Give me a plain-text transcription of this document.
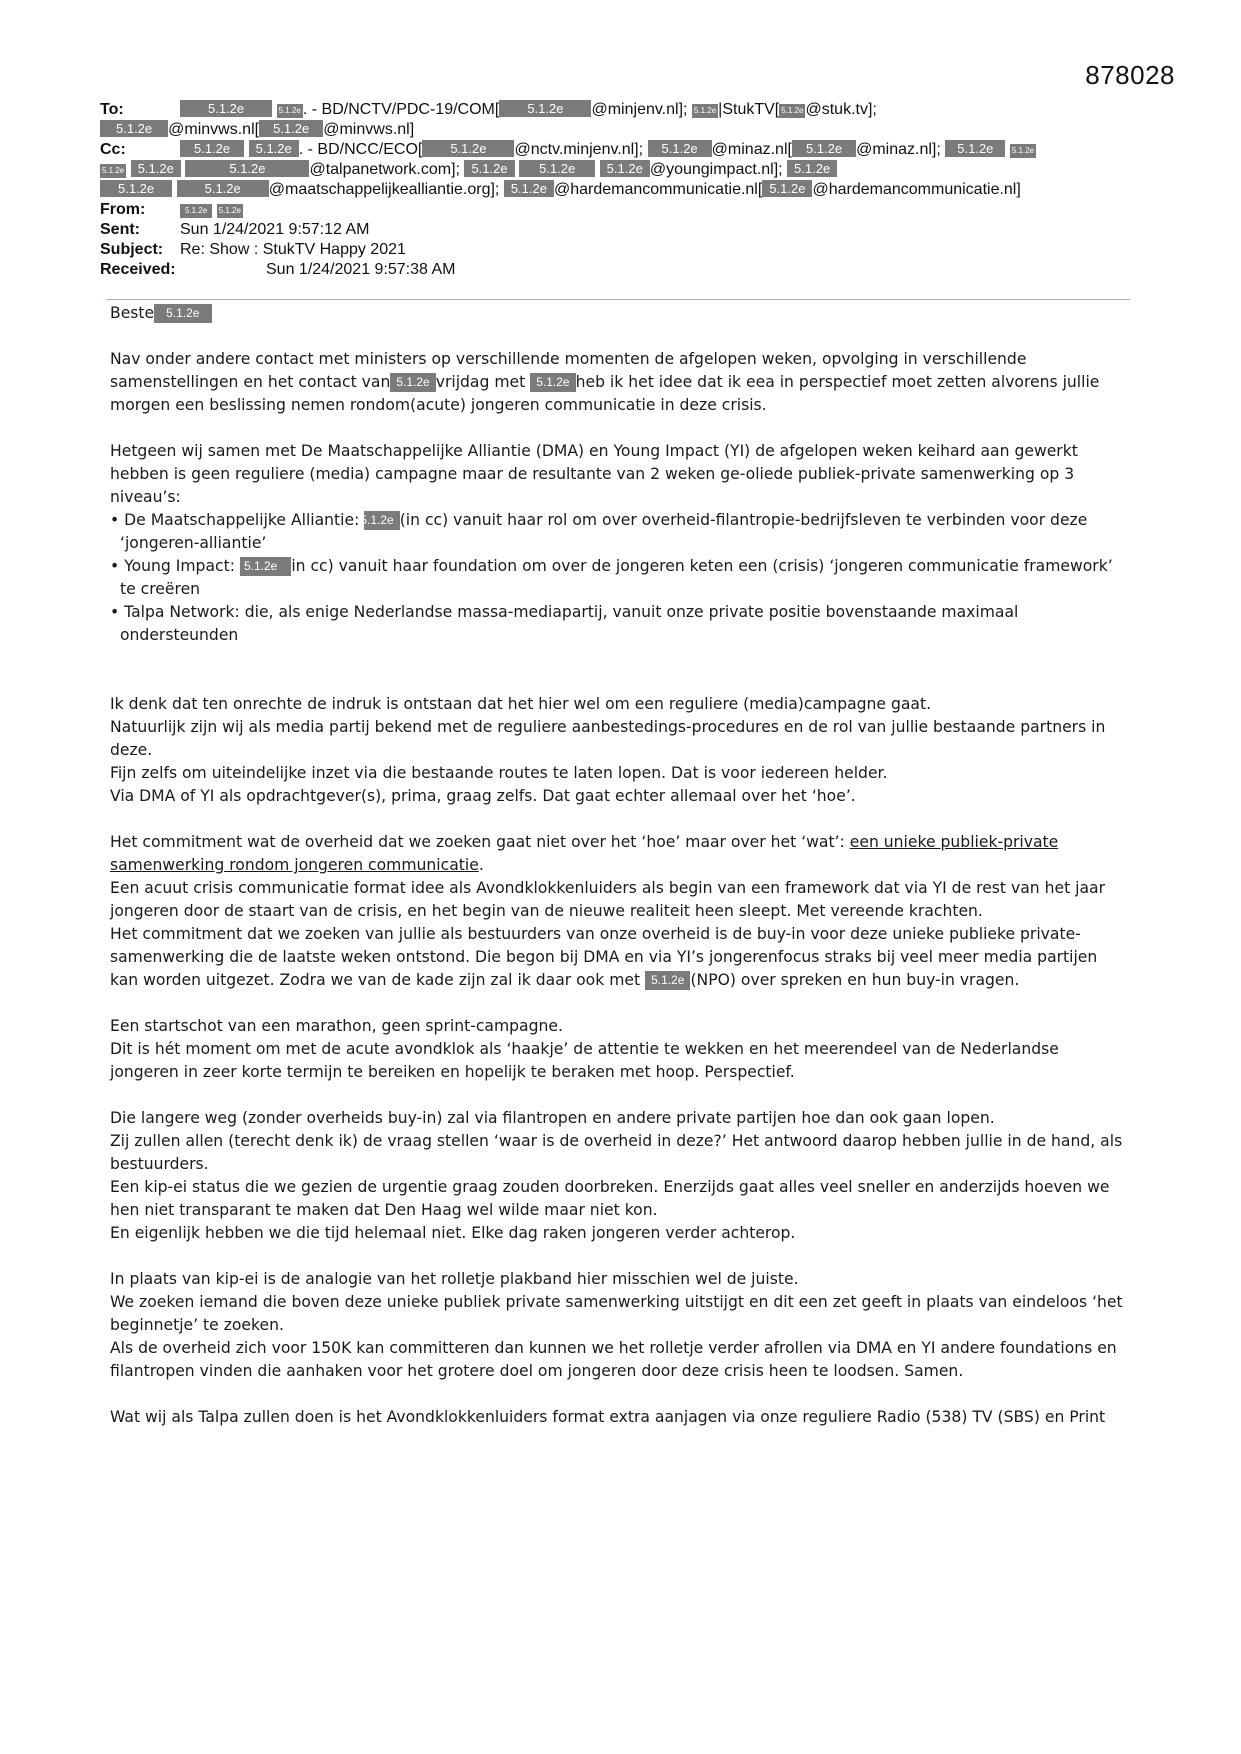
878028
To:	5.1.2e	5.1.2e . - BD/NCTV/PDC-19/COM[ 5.1.2e @minjenv.nl]; 5.1.2e |StukTV[ 5.1.2e @stuk.tv];
5.1.2e @minvws.nl[ 5.1.2e @minvws.nl]
Cc:	5.1.2e 5.1.2e . - BD/NCC/ECO[ 5.1.2e @nctv.minjenv.nl]; 5.1.2e @minaz.nl[ 5.1.2e @minaz.nl]; 5.1.2e 5.1.2e
5.1.2e 5.1.2e	5.1.2e	@talpanetwork.com]; 5.1.2e 5.1.2e 5.1.2e @youngimpact.nl]; 5.1.2e
5.1.2e	5.1.2e @maatschappelijkealliantie.org]; 5.1.2e @hardemancommunicatie.nl[ 5.1.2e @hardemancommunicatie.nl]
From:	5.1.2e 5.1.2e
Sent:	Sun 1/24/2021 9:57:12 AM
Subject: Re: Show : StukTV Happy 2021
Received:	Sun 1/24/2021 9:57:38 AM

Beste 5.1.2e

Nav onder andere contact met ministers op verschillende momenten de afgelopen weken, opvolging in verschillende samenstellingen en het contact van 5.1.2e vrijdag met 5.1.2e heb ik het idee dat ik eea in perspectief moet zetten alvorens jullie morgen een beslissing nemen rondom(acute) jongeren communicatie in deze crisis.

Hetgeen wij samen met De Maatschappelijke Alliantie (DMA) en Young Impact (YI) de afgelopen weken keihard aan gewerkt hebben is geen reguliere (media) campagne maar de resultante van 2 weken ge-oliede publiek-private samenwerking op 3 niveau’s:

• De Maatschappelijke Alliantie: 5.1.2e (in cc) vanuit haar rol om over overheid-filantropie-bedrijfsleven te verbinden voor deze ‘jongeren-alliantie’

• Young Impact: 5.1.2e in cc) vanuit haar foundation om over de jongeren keten een (crisis) ‘jongeren communicatie framework’ te creëren

• Talpa Network: die, als enige Nederlandse massa-mediapartij, vanuit onze private positie bovenstaande maximaal ondersteunden

Ik denk dat ten onrechte de indruk is ontstaan dat het hier wel om een reguliere (media)campagne gaat.

Natuurlijk zijn wij als media partij bekend met de reguliere aanbestedings-procedures en de rol van jullie bestaande partners in deze.

Fijn zelfs om uiteindelijke inzet via die bestaande routes te laten lopen. Dat is voor iedereen helder.

Via DMA of YI als opdrachtgever(s), prima, graag zelfs. Dat gaat echter allemaal over het ‘hoe’.

Het commitment wat de overheid dat we zoeken gaat niet over het ‘hoe’ maar over het ‘wat’: een unieke publiek-private samenwerking rondom jongeren communicatie.

Een acuut crisis communicatie format idee als Avondklokkenluiders als begin van een framework dat via YI de rest van het jaar jongeren door de staart van de crisis, en het begin van de nieuwe realiteit heen sleept. Met vereende krachten.

Het commitment dat we zoeken van jullie als bestuurders van onze overheid is de buy-in voor deze unieke publieke private-samenwerking die de laatste weken ontstond. Die begon bij DMA en via YI’s jongerenfocus straks bij veel meer media partijen kan worden uitgezet. Zodra we van de kade zijn zal ik daar ook met 5.1.2e (NPO) over spreken en hun buy-in vragen.

Een startschot van een marathon, geen sprint-campagne.

Dit is hét moment om met de acute avondklok als ‘haakje’ de attentie te wekken en het meerendeel van de Nederlandse jongeren in zeer korte termijn te bereiken en hopelijk te beraken met hoop. Perspectief.

Die langere weg (zonder overheids buy-in) zal via filantropen en andere private partijen hoe dan ook gaan lopen.

Zij zullen allen (terecht denk ik) de vraag stellen ‘waar is de overheid in deze?’ Het antwoord daarop hebben jullie in de hand, als bestuurders.

Een kip-ei status die we gezien de urgentie graag zouden doorbreken. Enerzijds gaat alles veel sneller en anderzijds hoeven we hen niet transparant te maken dat Den Haag wel wilde maar niet kon.

En eigenlijk hebben we die tijd helemaal niet. Elke dag raken jongeren verder achterop.

In plaats van kip-ei is de analogie van het rolletje plakband hier misschien wel de juiste.

We zoeken iemand die boven deze unieke publiek private samenwerking uitstijgt en dit een zet geeft in plaats van eindeloos ‘het beginnetje’ te zoeken.

Als de overheid zich voor 150K kan committeren dan kunnen we het rolletje verder afrollen via DMA en YI andere foundations en filantropen vinden die aanhaken voor het grotere doel om jongeren door deze crisis heen te loodsen. Samen.

Wat wij als Talpa zullen doen is het Avondklokkenluiders format extra aanjagen via onze reguliere Radio (538) TV (SBS) en Print
